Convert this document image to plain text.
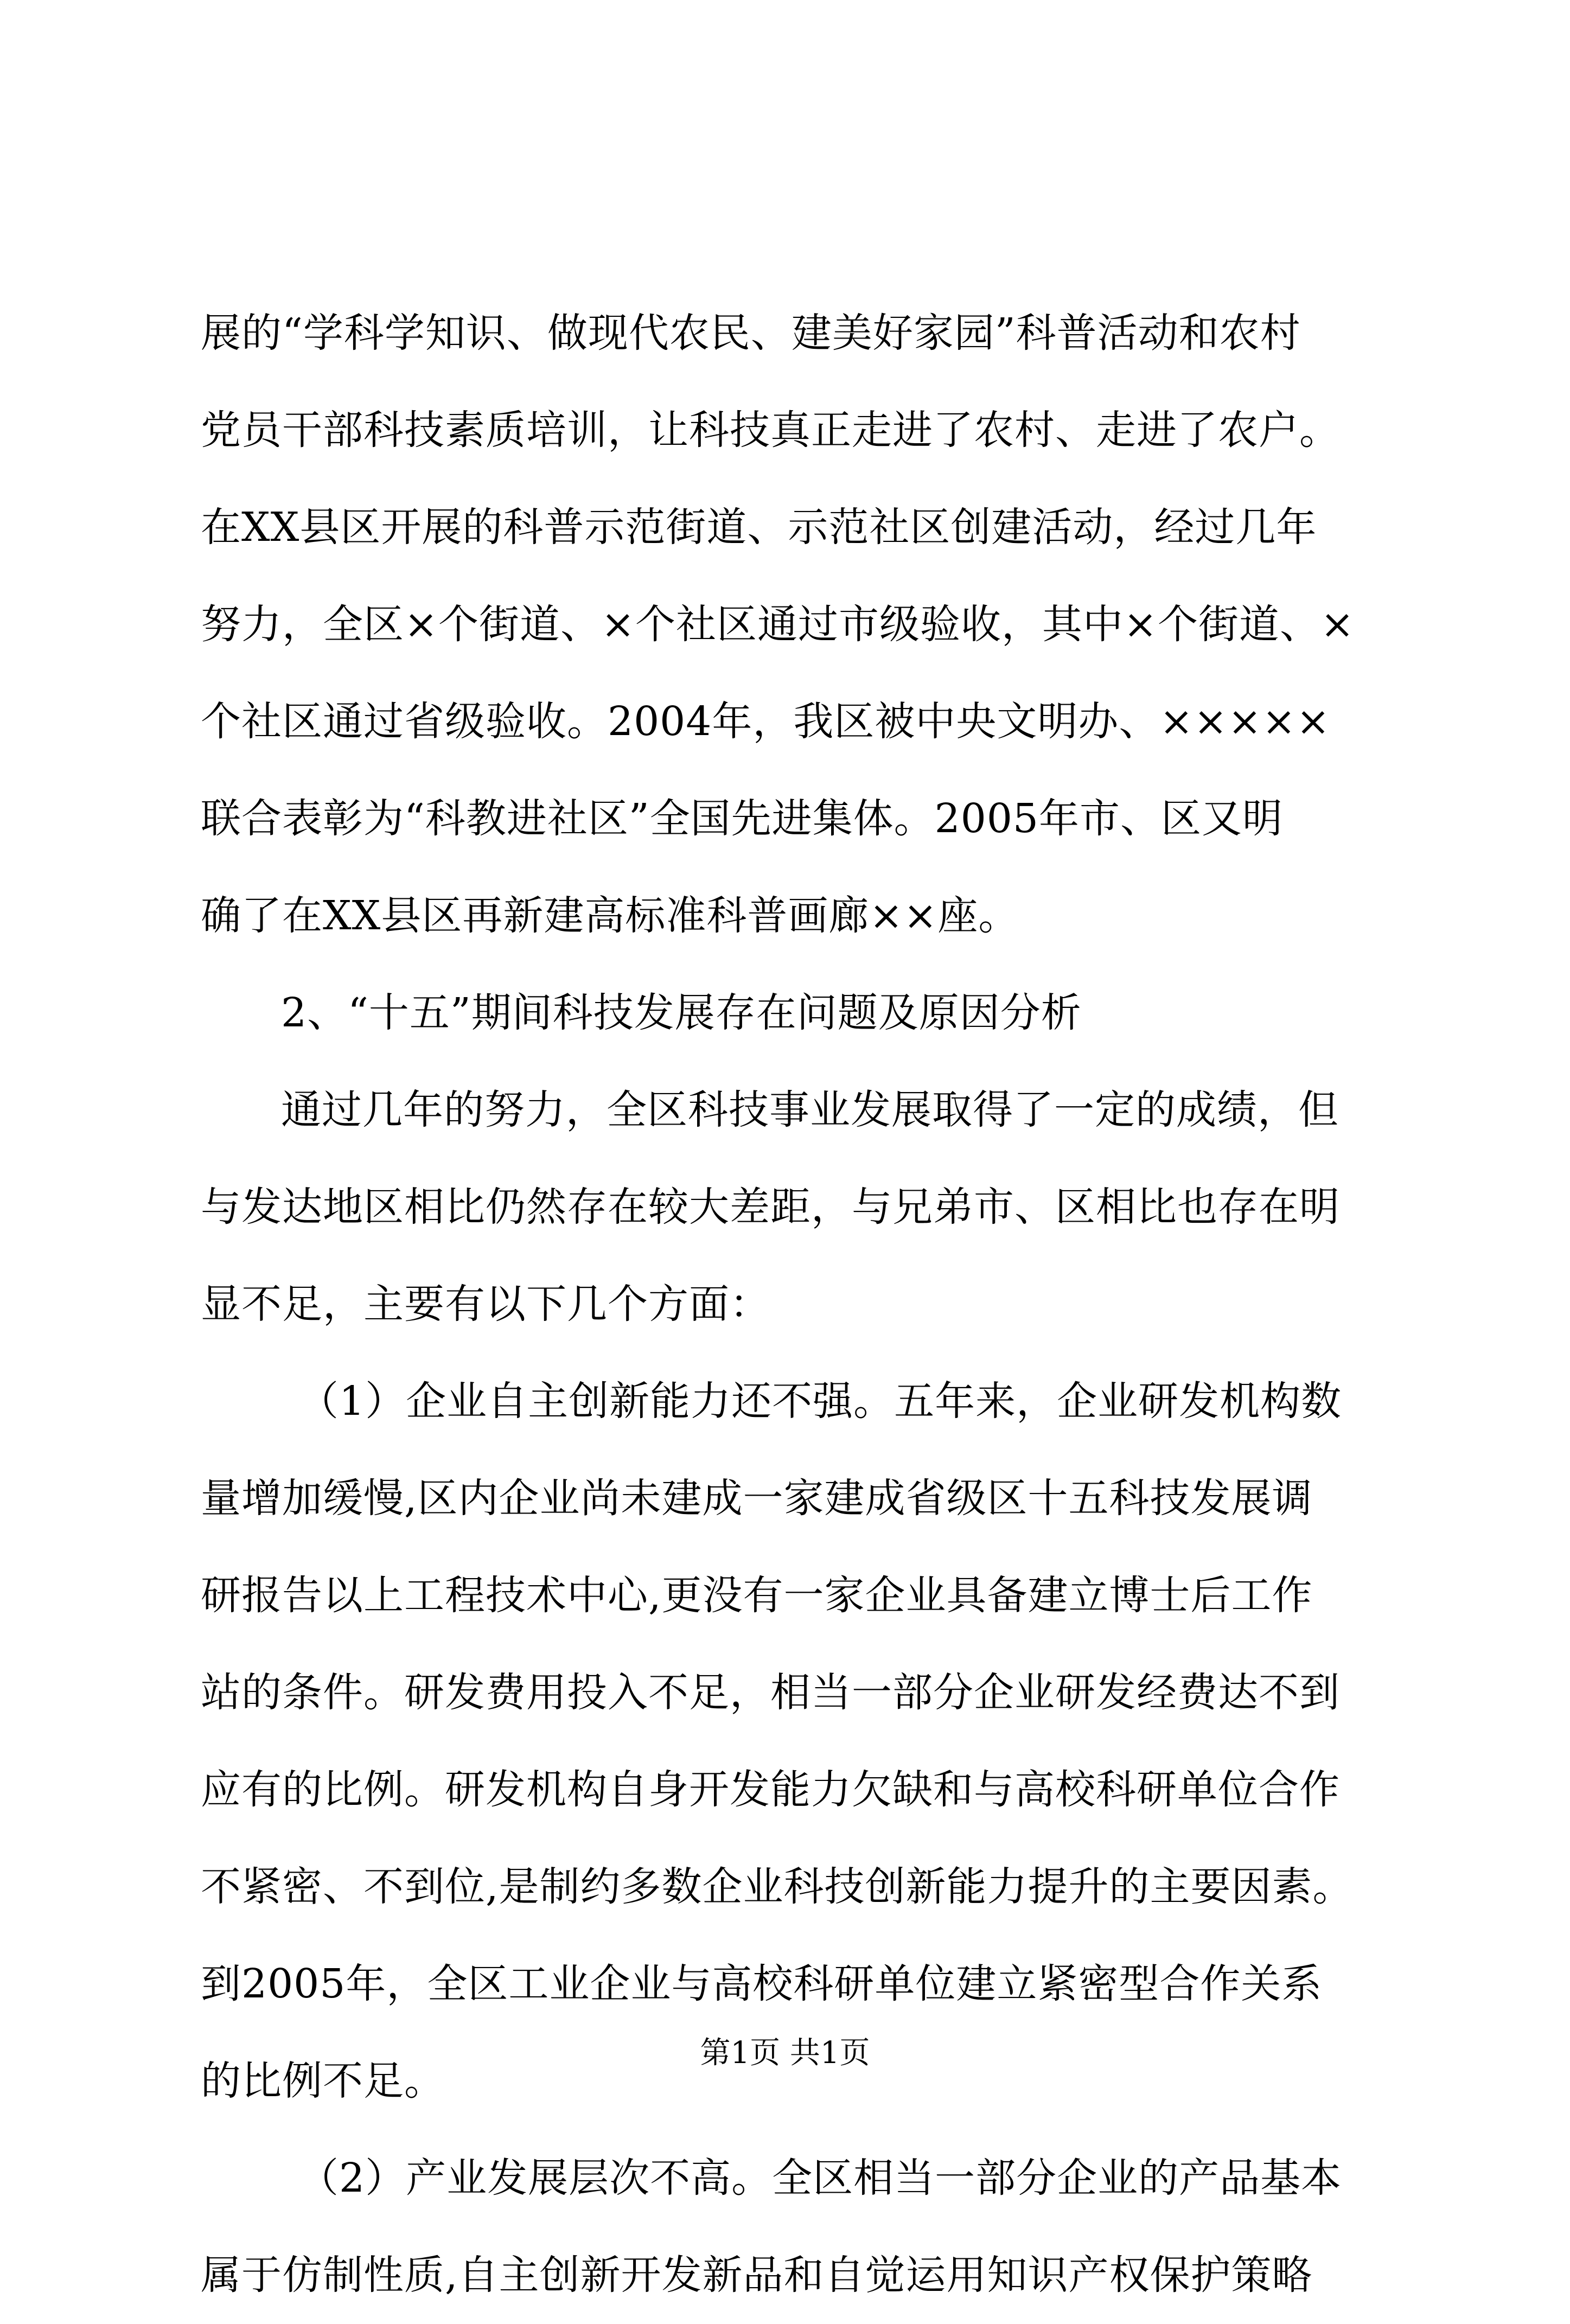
展的“学科学知识、做现代农民、建美好家园”科普活动和农村
党员干部科技素质培训，让科技真正走进了农村、走进了农户。
在XX县区开展的科普示范街道、示范社区创建活动，经过几年
努力，全区×个街道、×个社区通过市级验收，其中×个街道、×
个社区通过省级验收。2004年，我区被中央文明办、×××××
联合表彰为“科教进社区”全国先进集体。2005年市、区又明
确了在XX县区再新建高标准科普画廊××座。
2、“十五”期间科技发展存在问题及原因分析
通过几年的努力，全区科技事业发展取得了一定的成绩，但
与发达地区相比仍然存在较大差距，与兄弟市、区相比也存在明
显不足，主要有以下几个方面：
（1）企业自主创新能力还不强。五年来，企业研发机构数
量增加缓慢,区内企业尚未建成一家建成省级区十五科技发展调
研报告以上工程技术中心,更没有一家企业具备建立博士后工作
站的条件。研发费用投入不足，相当一部分企业研发经费达不到
应有的比例。研发机构自身开发能力欠缺和与高校科研单位合作
不紧密、不到位,是制约多数企业科技创新能力提升的主要因素。
到2005年，全区工业企业与高校科研单位建立紧密型合作关系
的比例不足。
（2）产业发展层次不高。全区相当一部分企业的产品基本
属于仿制性质,自主创新开发新品和自觉运用知识产权保护策略
第1页 共1页
